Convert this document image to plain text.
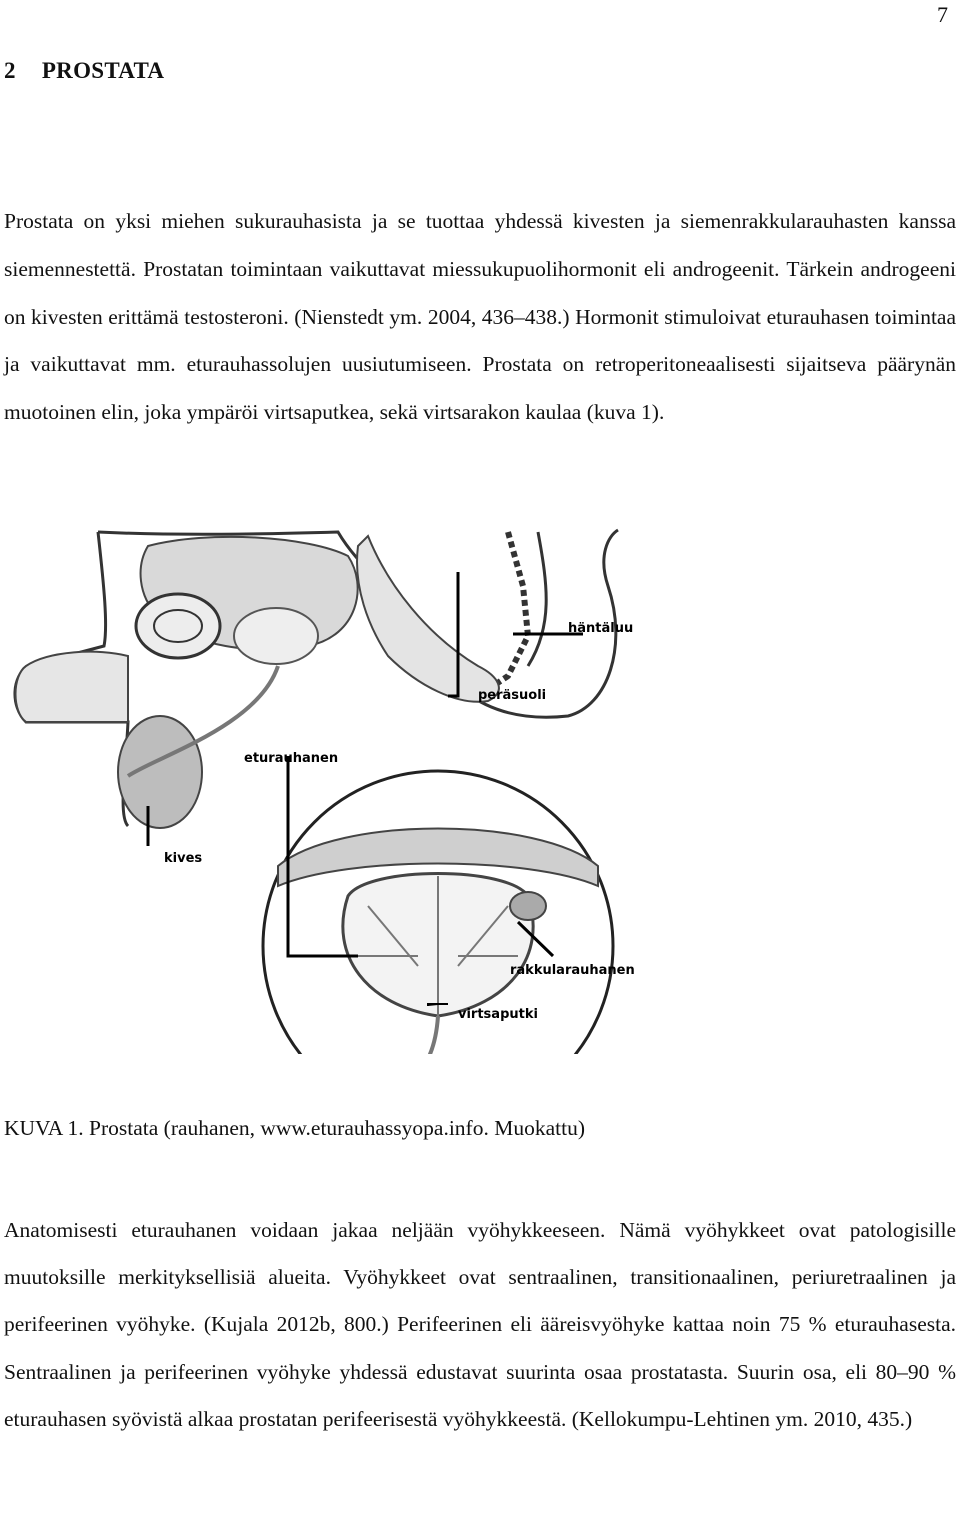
7
2 PROSTATA
Prostata on yksi miehen sukurauhasista ja se tuottaa yhdessä kivesten ja siemenrakkularauhasten kanssa siemennestettä. Prostatan toimintaan vaikuttavat miessukupuolihormonit eli androgeenit. Tärkein androgeeni on kivesten erittämä testosteroni. (Nienstedt ym. 2004, 436–438.) Hormonit stimuloivat eturauhasen toimintaa ja vaikuttavat mm. eturauhassolujen uusiutumiseen. Prostata on retroperitoneaalisesti sijaitseva päärynän muotoinen elin, joka ympäröi virtsaputkea, sekä virtsarakon kaulaa (kuva 1).
häntäluu
peräsuoli
eturauhanen
kives
rakkularauhanen
virtsaputki
KUVA 1. Prostata (rauhanen, www.eturauhassyopa.info. Muokattu)
Anatomisesti eturauhanen voidaan jakaa neljään vyöhykkeeseen. Nämä vyöhykkeet ovat patologisille muutoksille merkityksellisiä alueita. Vyöhykkeet ovat sentraalinen, transitionaalinen, periuretraalinen ja perifeerinen vyöhyke. (Kujala 2012b, 800.) Perifeerinen eli ääreisvyöhyke kattaa noin 75 % eturauhasesta. Sentraalinen ja perifeerinen vyöhyke yhdessä edustavat suurinta osaa prostatasta. Suurin osa, eli 80–90 % eturauhasen syövistä alkaa prostatan perifeerisestä vyöhykkeestä. (Kellokumpu-Lehtinen ym. 2010, 435.)
